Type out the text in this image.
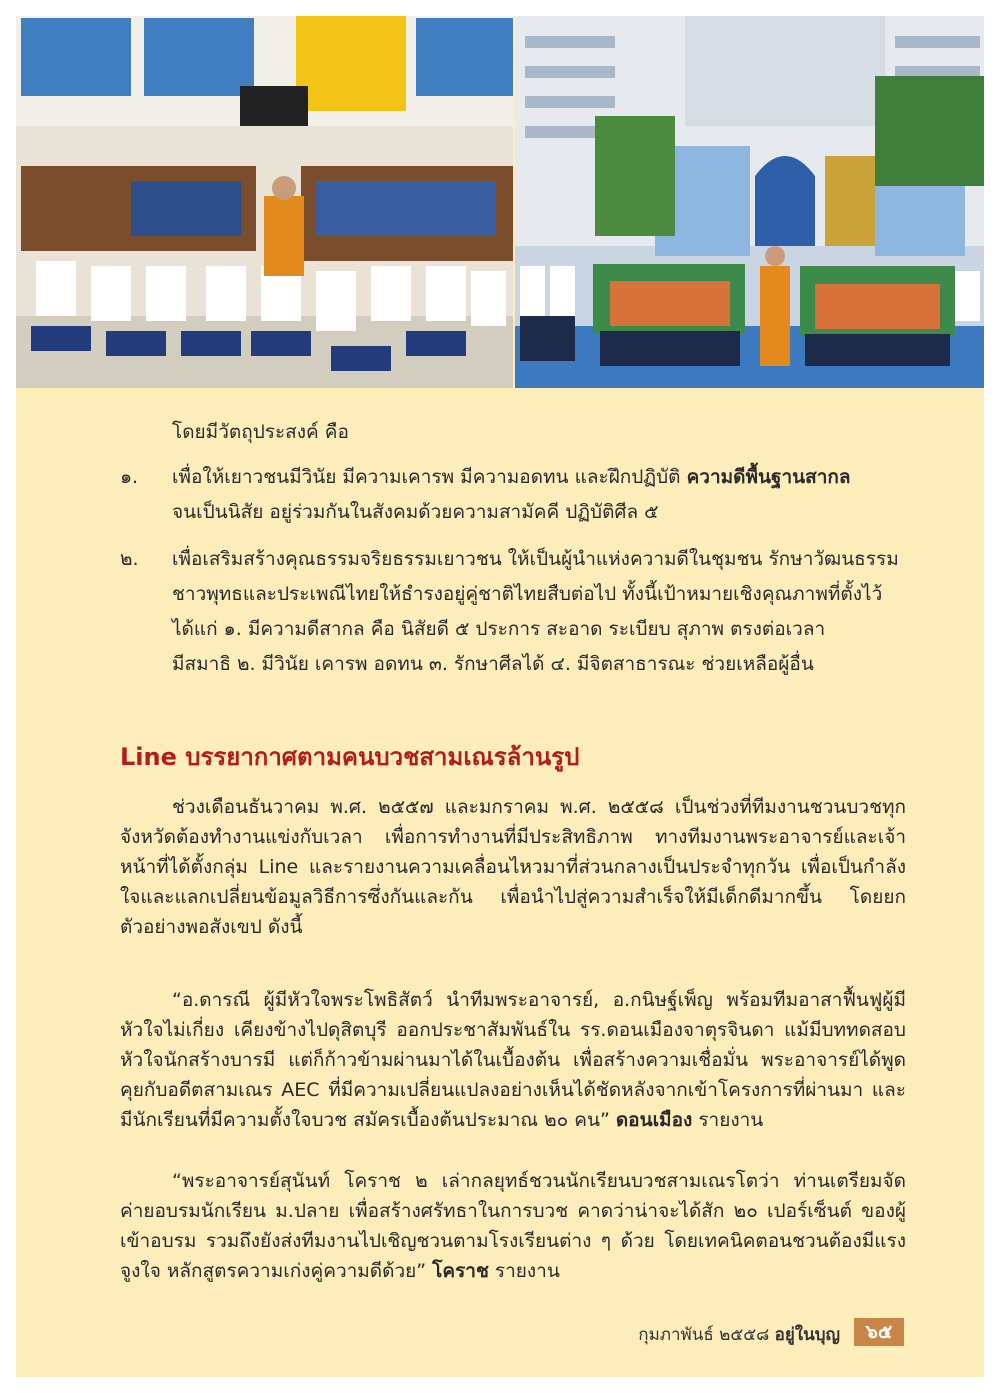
โดยมีวัตถุประสงค์ คือ
๑. เพื่อให้เยาวชนมีวินัย มีความเคารพ มีความอดทน และฝึกปฏิบัติ ความดีพื้นฐานสากล
จนเป็นนิสัย อยู่ร่วมกันในสังคมด้วยความสามัคคี ปฏิบัติศีล ๕
๒. เพื่อเสริมสร้างคุณธรรมจริยธรรมเยาวชน ให้เป็นผู้นำแห่งความดีในชุมชน รักษาวัฒนธรรม
ชาวพุทธและประเพณีไทยให้ธำรงอยู่คู่ชาติไทยสืบต่อไป ทั้งนี้เป้าหมายเชิงคุณภาพที่ตั้งไว้
ได้แก่ ๑. มีความดีสากล คือ นิสัยดี ๕ ประการ สะอาด ระเบียบ สุภาพ ตรงต่อเวลา
มีสมาธิ ๒. มีวินัย เคารพ อดทน ๓. รักษาศีลได้ ๔. มีจิตสาธารณะ ช่วยเหลือผู้อื่น
Line บรรยากาศตามคนบวชสามเณรล้านรูป
ช่วงเดือนธันวาคม พ.ศ. ๒๕๕๗ และมกราคม พ.ศ. ๒๕๕๘ เป็นช่วงที่ทีมงานชวนบวชทุกจังหวัดต้องทำงานแข่งกับเวลา เพื่อการทำงานที่มีประสิทธิภาพ ทางทีมงานพระอาจารย์และเจ้าหน้าที่ได้ตั้งกลุ่ม Line และรายงานความเคลื่อนไหวมาที่ส่วนกลางเป็นประจำทุกวัน เพื่อเป็นกำลังใจและแลกเปลี่ยนข้อมูลวิธีการซึ่งกันและกัน เพื่อนำไปสู่ความสำเร็จให้มีเด็กดีมากขึ้น โดยยกตัวอย่างพอสังเขป ดังนี้
“อ.ดารณี ผู้มีหัวใจพระโพธิสัตว์ นำทีมพระอาจารย์, อ.กนิษฐ์เพ็ญ พร้อมทีมอาสาฟื้นฟูผู้มีหัวใจไม่เกี่ยง เคียงข้างไปดุสิตบุรี ออกประชาสัมพันธ์ใน รร.ดอนเมืองจาตุรจินดา แม้มีบททดสอบหัวใจนักสร้างบารมี แต่ก็ก้าวข้ามผ่านมาได้ในเบื้องต้น เพื่อสร้างความเชื่อมั่น พระอาจารย์ได้พูดคุยกับอดีตสามเณร AEC ที่มีความเปลี่ยนแปลงอย่างเห็นได้ชัดหลังจากเข้าโครงการที่ผ่านมา และมีนักเรียนที่มีความตั้งใจบวช สมัครเบื้องต้นประมาณ ๒๐ คน” ดอนเมือง รายงาน
“พระอาจารย์สุนันท์ โคราช ๒ เล่ากลยุทธ์ชวนนักเรียนบวชสามเณรโตว่า ท่านเตรียมจัดค่ายอบรมนักเรียน ม.ปลาย เพื่อสร้างศรัทธาในการบวช คาดว่าน่าจะได้สัก ๒๐ เปอร์เซ็นต์ ของผู้เข้าอบรม รวมถึงยังส่งทีมงานไปเชิญชวนตามโรงเรียนต่าง ๆ ด้วย โดยเทคนิคตอนชวนต้องมีแรงจูงใจ หลักสูตรความเก่งคู่ความดีด้วย” โคราช รายงาน
กุมภาพันธ์ ๒๕๕๘ อยู่ในบุญ	๖๕
